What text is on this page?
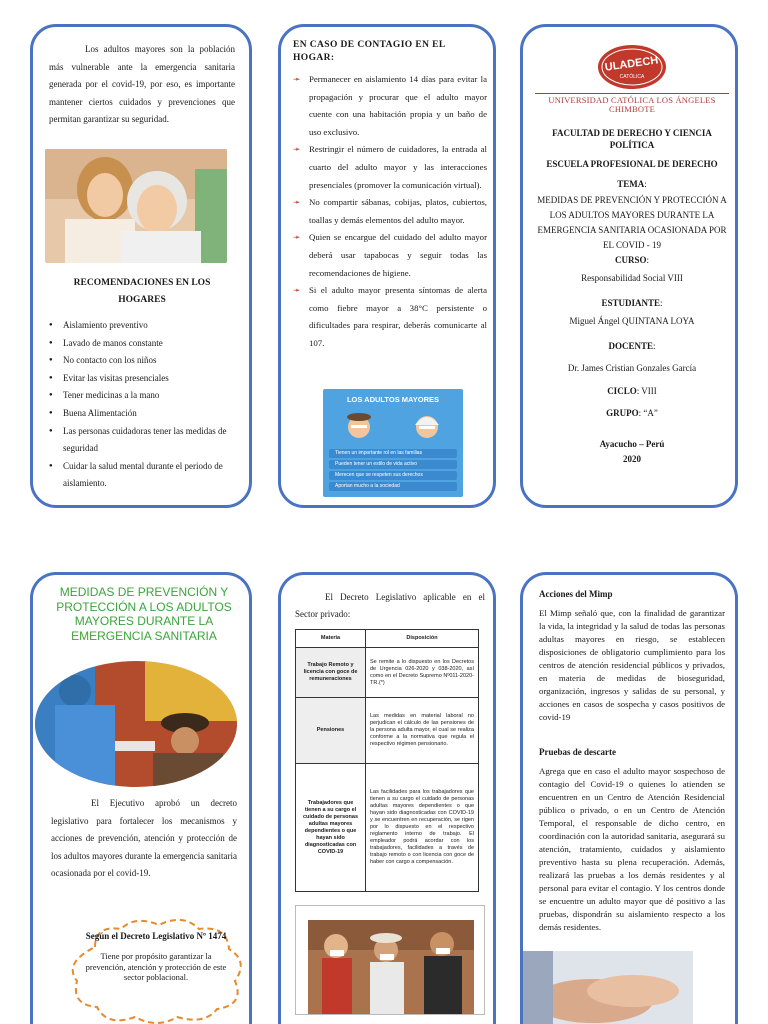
Los adultos mayores son la población más vulnerable ante la emergencia sanitaria generada por el covid-19, por eso, es importante mantener ciertos cuidados y prevenciones que permitan garantizar su seguridad.

RECOMENDACIONES EN LOS HOGARES
● Aislamiento preventivo
● Lavado de manos constante
● No contacto con los niños
● Evitar las visitas presenciales
● Tener medicinas a la mano
● Buena Alimentación
● Las personas cuidadoras tener las medidas de seguridad
● Cuidar la salud mental durante el periodo de aislamiento.
EN CASO DE CONTAGIO EN EL HOGAR:
➛ Permanecer en aislamiento 14 días para evitar la propagación y procurar que el adulto mayor cuente con una habitación propia y un baño de uso exclusivo.
➛ Restringir el número de cuidadores, la entrada al cuarto del adulto mayor y las interacciones presenciales (promover la comunicación virtual).
➛ No compartir sábanas, cobijas, platos, cubiertos, toallas y demás elementos del adulto mayor.
➛ Quien se encargue del cuidado del adulto mayor deberá usar tapabocas y seguir todas las recomendaciones de higiene.
➛ Si el adulto mayor presenta síntomas de alerta como fiebre mayor a 38°C persistente o dificultades para respirar, deberás comunicarte al 107.
LOS ADULTOS MAYORES
Tienen un importante rol en las familias
Pueden tener un estilo de vida activo
Merecen que se respeten sus derechos
Aportan mucho a la sociedad
ULADECH
CATÓLICA
UNIVERSIDAD CATÓLICA LOS ÁNGELES
CHIMBOTE
FACULTAD DE DERECHO Y CIENCIA POLÍTICA
ESCUELA PROFESIONAL DE DERECHO
TEMA:
MEDIDAS DE PREVENCIÓN Y PROTECCIÓN A LOS ADULTOS MAYORES DURANTE LA EMERGENCIA SANITARIA OCASIONADA POR EL COVID - 19
CURSO:
Responsabilidad Social VIII
ESTUDIANTE:
Miguel Ángel QUINTANA LOYA
DOCENTE:
Dr. James Cristian Gonzales García
CICLO: VIII
GRUPO: “A”
Ayacucho – Perú
2020
MEDIDAS DE PREVENCIÓN Y PROTECCIÓN A LOS ADULTOS MAYORES DURANTE LA EMERGENCIA SANITARIA

El Ejecutivo aprobó un decreto legislativo para fortalecer los mecanismos y acciones de prevención, atención y protección de los adultos mayores durante la emergencia sanitaria ocasionada por el covid-19.

Según el Decreto Legislativo Nº 1474
Tiene por propósito garantizar la prevención, atención y protección de este sector poblacional.

El Decreto Legislativo aplicable en el Sector privado:

Materia	Disposición
Trabajo Remoto y licencia con goce de remuneraciones	Se remite a lo dispuesto en los Decretos de Urgencia 026-2020 y 038-2020, así como en el Decreto Supremo Nº011-2020-TR.(*)
Pensiones	Las medidas en material laboral no perjudican el cálculo de las pensiones de la persona adulta mayor, el cual se realiza conforme a la normativa que regula el respectivo régimen pensionario.
Trabajadores que tienen a su cargo el cuidado de personas adultas mayores dependientes o que hayan sido diagnosticadas con COVID-19	Las facilidades para los trabajadores que tienen a su cargo el cuidado de personas adultas mayores dependientes o que hayan sido diagnosticadas con COVID-19 y se encuentren en recuperación, se rigen por lo dispuesto en el respectivo reglamento interno de trabajo. El empleador podrá acordar con los trabajadores, facilidades a través de trabajo remoto o con licencia con goce de haber con cargo a compensación.
Acciones del Mimp

El Mimp señaló que, con la finalidad de garantizar la vida, la integridad y la salud de todas las personas adultas mayores en riesgo, se establecen disposiciones de obligatorio cumplimiento para los centros de atención residencial públicos y privados, en materia de medidas de bioseguridad, organización, ingresos y salidas de su personal, y acciones en casos de sospecha y casos positivos de covid-19

Pruebas de descarte

Agrega que en caso el adulto mayor sospechoso de contagio del Covid-19 o quienes lo atienden se encuentren en un Centro de Atención Residencial público o privado, o en un Centro de Atención Temporal, el responsable de dicho centro, en coordinación con la autoridad sanitaria, asegurará su atención, tratamiento, cuidados y aislamiento preventivo hasta su plena recuperación. Además, realizará las pruebas a los demás residentes y al personal para evitar el contagio. Y los centros donde se encuentre un adulto mayor que dé positivo a las pruebas, dispondrán su aislamiento respecto a los demás residentes.
